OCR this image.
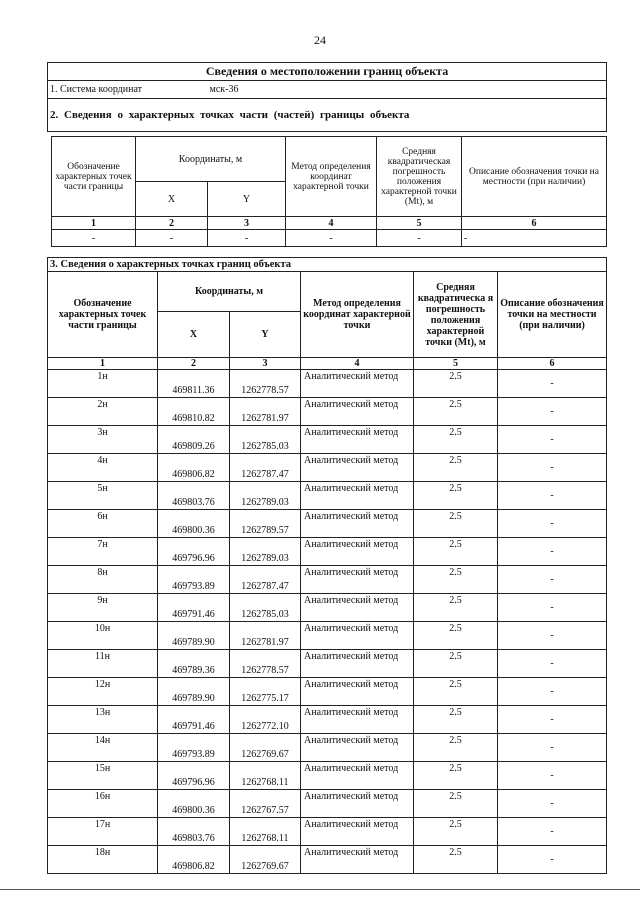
24
Сведения о местоположении границ объекта
1. Система координат	мск-36
2. Сведения о характерных точках части (частей) границы объекта
Обозначение характерных точек части границы	Координаты, м		Метод определения координат характерной точки	Средняя квадратическая погрешность положения характерной точки (Mt), м	Описание обозначения точки на местности (при наличии)
	X	Y			
1	2	3	4	5	6
-	-	-	-	-	-
3. Сведения о характерных точках границ объекта					
Обозначение характерных точек части границы	Координаты, м		Метод определения координат характерной точки	Средняя квадратическа я погрешность положения характерной точки (Mt), м	Описание обозначения точки на местности (при наличии)
	X	Y			
1	2	3	4	5	6
1н	469811.36	1262778.57	Аналитический метод	2.5	-
2н	469810.82	1262781.97	Аналитический метод	2.5	-
3н	469809.26	1262785.03	Аналитический метод	2.5	-
4н	469806.82	1262787.47	Аналитический метод	2.5	-
5н	469803.76	1262789.03	Аналитический метод	2.5	-
6н	469800.36	1262789.57	Аналитический метод	2.5	-
7н	469796.96	1262789.03	Аналитический метод	2.5	-
8н	469793.89	1262787.47	Аналитический метод	2.5	-
9н	469791.46	1262785.03	Аналитический метод	2.5	-
10н	469789.90	1262781.97	Аналитический метод	2.5	-
11н	469789.36	1262778.57	Аналитический метод	2.5	-
12н	469789.90	1262775.17	Аналитический метод	2.5	-
13н	469791.46	1262772.10	Аналитический метод	2.5	-
14н	469793.89	1262769.67	Аналитический метод	2.5	-
15н	469796.96	1262768.11	Аналитический метод	2.5	-
16н	469800.36	1262767.57	Аналитический метод	2.5	-
17н	469803.76	1262768.11	Аналитический метод	2.5	-
18н	469806.82	1262769.67	Аналитический метод	2.5	-
